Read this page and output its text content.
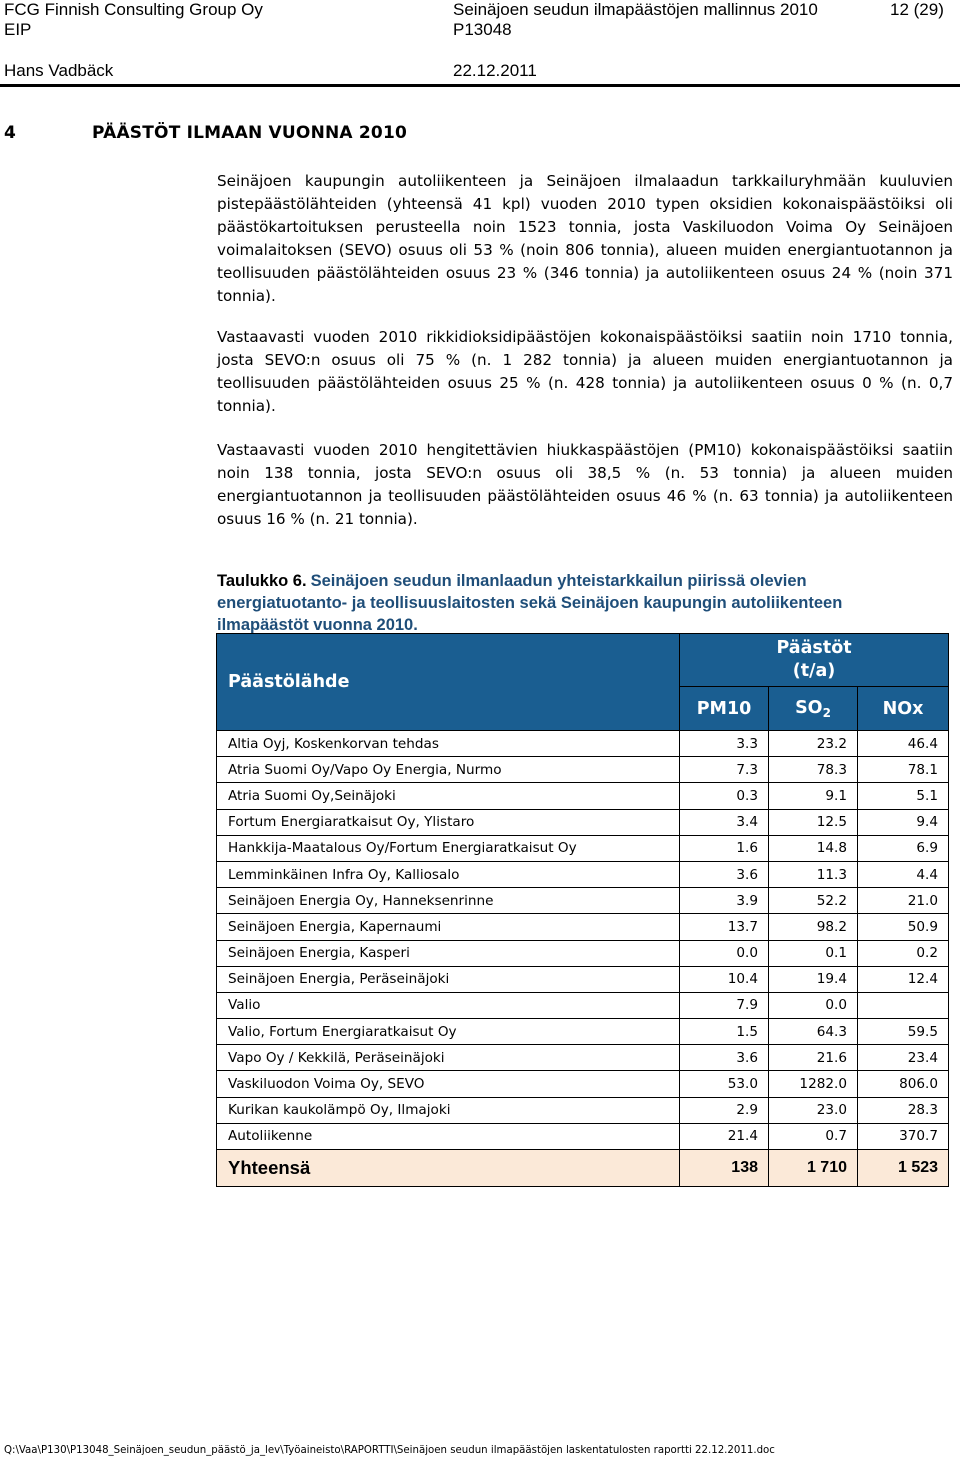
FCG Finnish Consulting Group Oy
EIP
Hans Vadbäck
Seinäjoen seudun ilmapäästöjen mallinnus 2010
P13048
22.12.2011
12 (29)
4	PÄÄSTÖT ILMAAN VUONNA 2010

Seinäjoen kaupungin autoliikenteen ja Seinäjoen ilmalaadun tarkkailuryhmään kuuluvien pistepäästölähteiden (yhteensä 41 kpl) vuoden 2010 typen oksidien kokonaispäästöiksi oli päästökartoituksen perusteella noin 1523 tonnia, josta Vaskiluodon Voima Oy Seinäjoen voimalaitoksen (SEVO) osuus oli 53 % (noin 806 tonnia), alueen muiden energiantuotannon ja teollisuuden päästölähteiden osuus 23 % (346 tonnia) ja autoliikenteen osuus 24 % (noin 371 tonnia).

Vastaavasti vuoden 2010 rikkidioksidipäästöjen kokonaispäästöiksi saatiin noin 1710 tonnia, josta SEVO:n osuus oli 75 % (n. 1 282 tonnia) ja alueen muiden energiantuotannon ja teollisuuden päästölähteiden osuus 25 % (n. 428 tonnia) ja autoliikenteen osuus 0 % (n. 0,7 tonnia).

Vastaavasti vuoden 2010 hengitettävien hiukkaspäästöjen (PM10) kokonaispäästöiksi saatiin noin 138 tonnia, josta SEVO:n osuus oli 38,5 % (n. 53 tonnia) ja alueen muiden energiantuotannon ja teollisuuden päästölähteiden osuus 46 % (n. 63 tonnia) ja autoliikenteen osuus 16 % (n. 21 tonnia).

Taulukko 6. Seinäjoen seudun ilmanlaadun yhteistarkkailun piirissä olevien energiatuotanto- ja teollisuuslaitosten sekä Seinäjoen kaupungin autoliikenteen ilmapäästöt vuonna 2010.
Päästölähde	Päästöt
(t/a)		

	PM10	$SO_2$	NOx
Altia Oyj, Koskenkorvan tehdas	3.3	23.2	46.4
Atria Suomi Oy/Vapo Oy Energia, Nurmo	7.3	78.3	78.1
Atria Suomi Oy,Seinäjoki	0.3	9.1	5.1
Fortum Energiaratkaisut Oy, Ylistaro	3.4	12.5	9.4
Hankkija-Maatalous Oy/Fortum Energiaratkaisut Oy	1.6	14.8	6.9
Lemminkäinen Infra Oy, Kalliosalo	3.6	11.3	4.4
Seinäjoen Energia Oy, Hanneksenrinne	3.9	52.2	21.0
Seinäjoen Energia, Kapernaumi	13.7	98.2	50.9
Seinäjoen Energia, Kasperi	0.0	0.1	0.2
Seinäjoen Energia, Peräseinäjoki	10.4	19.4	12.4
Valio	7.9	0.0	
Valio, Fortum Energiaratkaisut Oy	1.5	64.3	59.5
Vapo Oy / Kekkilä, Peräseinäjoki	3.6	21.6	23.4
Vaskiluodon Voima Oy, SEVO	53.0	1282.0	806.0
Kurikan kaukolämpö Oy, Ilmajoki	2.9	23.0	28.3
Autoliikenne	21.4	0.7	370.7
Yhteensä	138	1 710	1 523
Q:\Vaa\P130\P13048_Seinäjoen_seudun_päästö_ja_lev\Työaineisto\RAPORTTI\Seinäjoen seudun ilmapäästöjen laskentatulosten raportti 22.12.2011.doc
